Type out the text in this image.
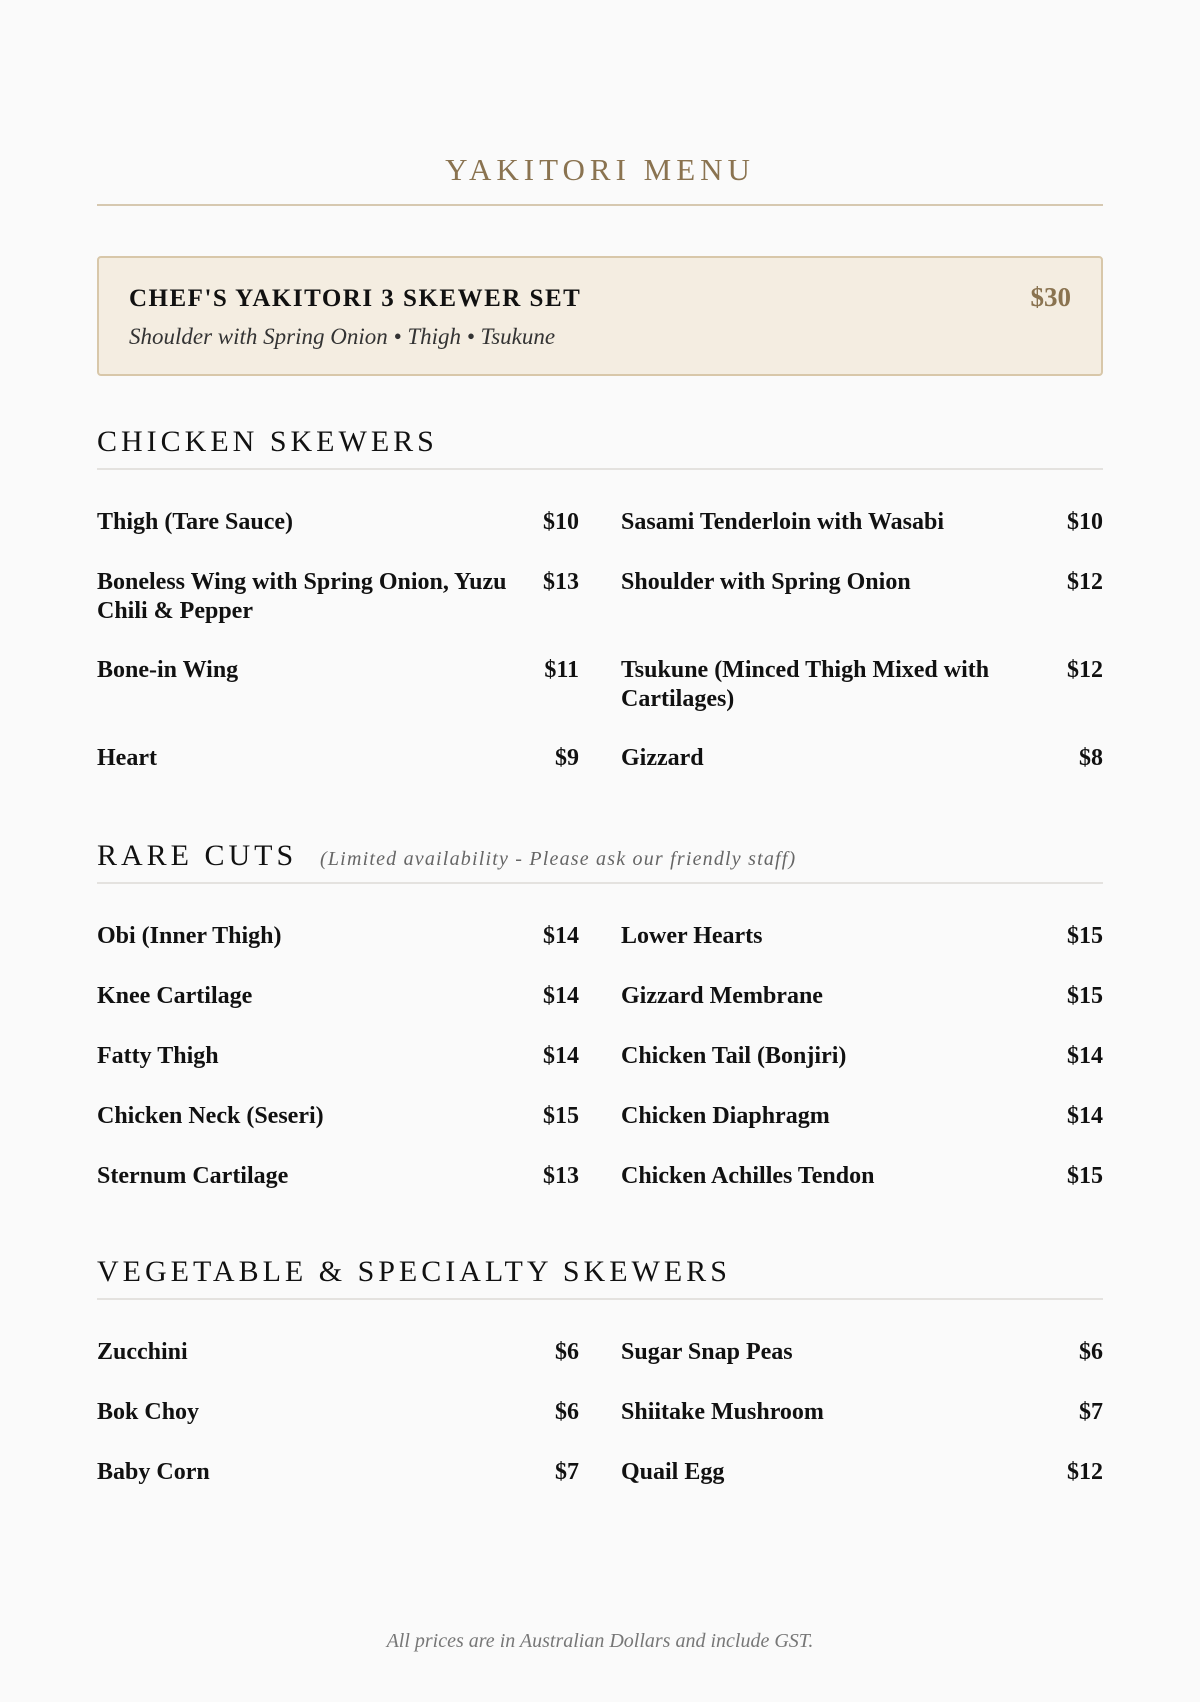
YAKITORI MENU
CHEF'S YAKITORI 3 SKEWER SET	$30
Shoulder with Spring Onion • Thigh • Tsukune
CHICKEN SKEWERS
Thigh (Tare Sauce)	$10
Boneless Wing with Spring Onion, Yuzu Chili & Pepper
$13
Bone-in Wing	$11
Heart	$9
Sasami Tenderloin with Wasabi	$10
Shoulder with Spring Onion	$12
Tsukune (Minced Thigh Mixed with Cartilages)
$12
Gizzard	$8
RARE CUTS (Limited availability - Please ask our friendly staff)
Obi (Inner Thigh)	$14
Knee Cartilage	$14
Fatty Thigh	$14
Chicken Neck (Seseri)	$15
Sternum Cartilage	$13
Lower Hearts	$15
Gizzard Membrane	$15
Chicken Tail (Bonjiri)	$14
Chicken Diaphragm	$14
Chicken Achilles Tendon	$15
VEGETABLE & SPECIALTY SKEWERS
Zucchini	$6
Bok Choy	$6
Baby Corn	$7
Sugar Snap Peas	$6
Shiitake Mushroom	$7
Quail Egg	$12
All prices are in Australian Dollars and include GST.
